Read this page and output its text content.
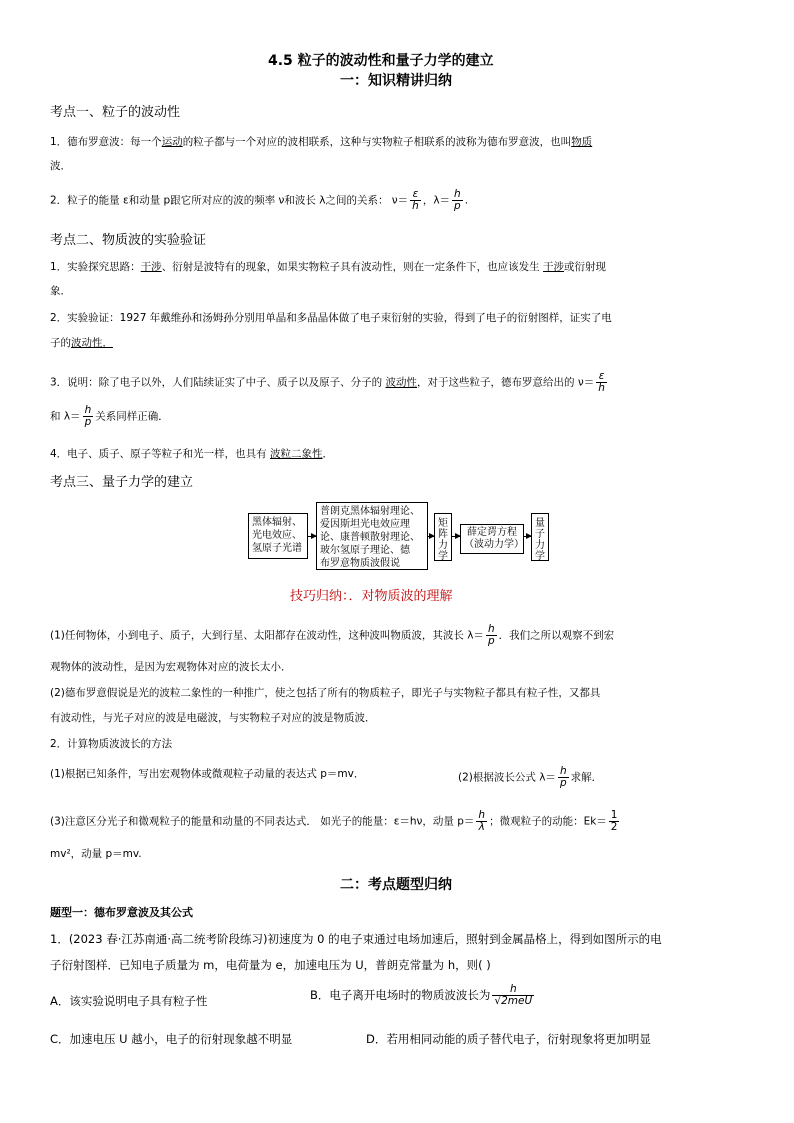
4.5 粒子的波动性和量子力学的建立
一：知识精讲归纳
考点一、粒子的波动性
1．德布罗意波：每一个运动的粒子都与一个对应的波相联系，这种与实物粒子相联系的波称为德布罗意波，也叫物质
波．
2．粒子的能量 ε和动量 p跟它所对应的波的频率 ν和波长 λ之间的关系： $\nu= \frac{\varepsilon}{h}$ ，$\lambda= \frac{h}{p}$ .
考点二、物质波的实验验证
1．实验探究思路：干涉、衍射是波特有的现象，如果实物粒子具有波动性，则在一定条件下，也应该发生 干涉或衍射现
象．
2．实验验证：1927 年戴维孙和汤姆孙分别用单晶和多晶晶体做了电子束衍射的实验，得到了电子的衍射图样，证实了电
子的波动性．
3．说明：除了电子以外，人们陆续证实了中子、质子以及原子、分子的 波动性，对于这些粒子，德布罗意给出的 $\nu= \frac{\varepsilon}{h}$
和 $\lambda= \frac{h}{p}$ 关系同样正确．
4．电子、质子、原子等粒子和光一样，也具有 波粒二象性．
考点三、量子力学的建立
黑体辐射、
光电效应、
氢原子光谱
普朗克黑体辐射理论、
爱因斯坦光电效应理
论、康普顿散射理论、
玻尔氢原子理论、德
布罗意物质波假说
矩
阵
力
学
薛定谔方程
（波动力学）
量
子
力
学
技巧归纳：．对物质波的理解
(1)任何物体，小到电子、质子，大到行星、太阳都存在波动性，这种波叫物质波，其波长 $\lambda= \frac{h}{p}$ ．我们之所以观察不到宏
观物体的波动性，是因为宏观物体对应的波长太小．
(2)德布罗意假说是光的波粒二象性的一种推广，使之包括了所有的物质粒子，即光子与实物粒子都具有粒子性，又都具
有波动性，与光子对应的波是电磁波，与实物粒子对应的波是物质波．
2．计算物质波波长的方法
(1)根据已知条件，写出宏观物体或微观粒子动量的表达式 p＝mv．	(2)根据波长公式 $\lambda= \frac{h}{p}$ 求解．
(3)注意区分光子和微观粒子的能量和动量的不同表达式． 如光子的能量：ε＝hν，动量 $p= \frac{h}{\lambda}$ ；微观粒子的动能：$Ek= \frac{1}{2}$
mv²，动量 p＝mv.
二：考点题型归纳
题型一：德布罗意波及其公式
1．(2023 春·江苏南通·高二统考阶段练习)初速度为 0 的电子束通过电场加速后，照射到金属晶格上，得到如图所示的电
子衍射图样．已知电子质量为 m，电荷量为 e，加速电压为 U，普朗克常量为 h，则( )
A．该实验说明电子具有粒子性	B．电子离开电场时的物质波波长为 $\frac{h}{\text{√2meU}}$
C．加速电压 U 越小，电子的衍射现象越不明显	D．若用相同动能的质子替代电子，衍射现象将更加明显
